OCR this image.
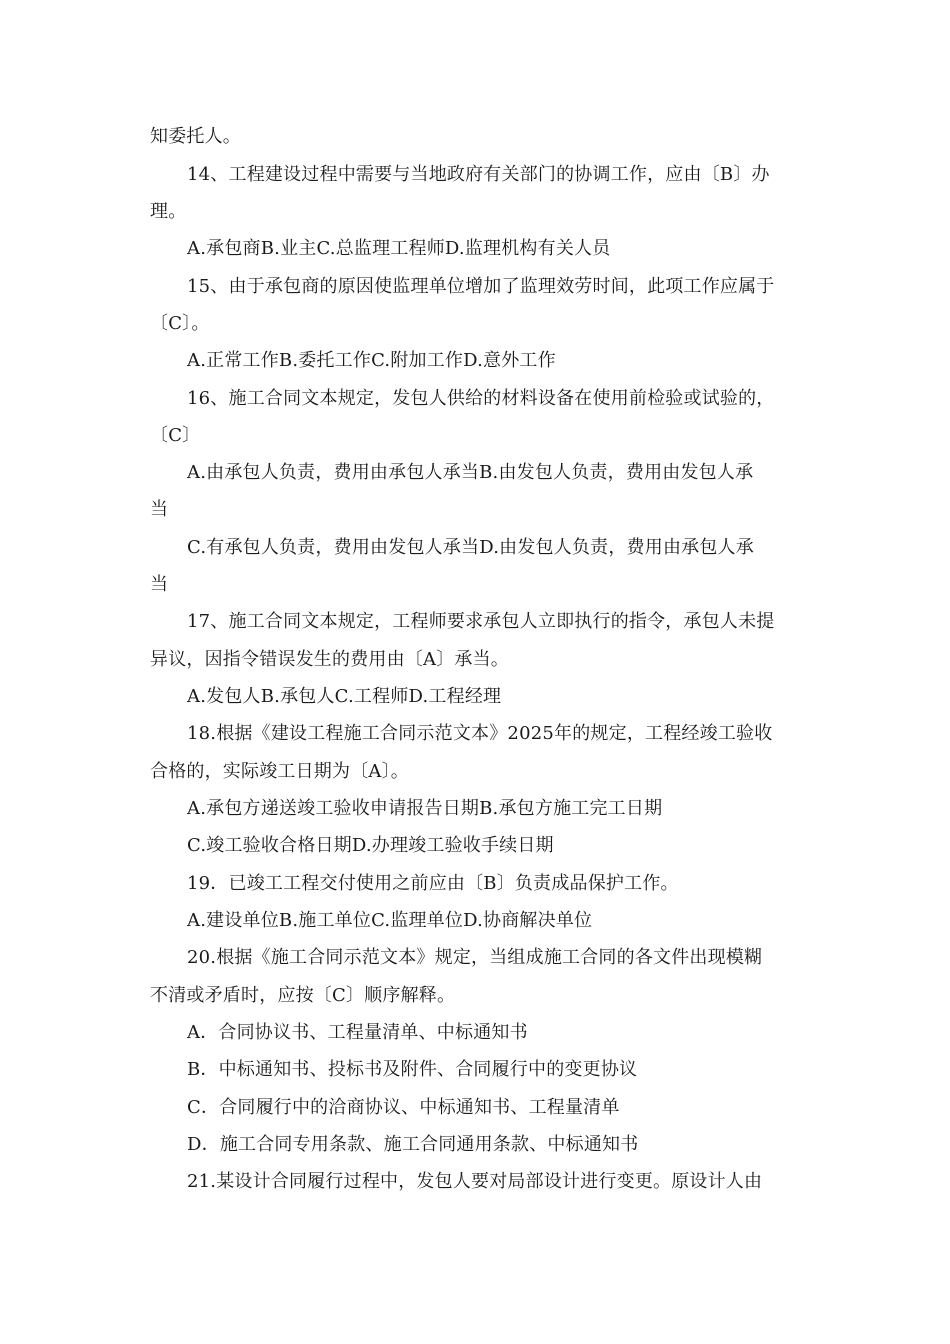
知委托人。
14、工程建设过程中需要与当地政府有关部门的协调工作，应由〔B〕办
理。
A.承包商B.业主C.总监理工程师D.监理机构有关人员
15、由于承包商的原因使监理单位增加了监理效劳时间，此项工作应属于
〔C〕。
A.正常工作B.委托工作C.附加工作D.意外工作
16、施工合同文本规定，发包人供给的材料设备在使用前检验或试验的，
〔C〕
A.由承包人负责，费用由承包人承当B.由发包人负责，费用由发包人承
当
C.有承包人负责，费用由发包人承当D.由发包人负责，费用由承包人承
当
17、施工合同文本规定，工程师要求承包人立即执行的指令，承包人未提
异议，因指令错误发生的费用由〔A〕承当。
A.发包人B.承包人C.工程师D.工程经理
18.根据《建设工程施工合同示范文本》2025年的规定，工程经竣工验收
合格的，实际竣工日期为〔A〕。
A.承包方递送竣工验收申请报告日期B.承包方施工完工日期
C.竣工验收合格日期D.办理竣工验收手续日期
19．已竣工工程交付使用之前应由〔B〕负责成品保护工作。
A.建设单位B.施工单位C.监理单位D.协商解决单位
20.根据《施工合同示范文本》规定，当组成施工合同的各文件出现模糊
不清或矛盾时，应按〔C〕顺序解释。
A．合同协议书、工程量清单、中标通知书
B．中标通知书、投标书及附件、合同履行中的变更协议
C．合同履行中的洽商协议、中标通知书、工程量清单
D．施工合同专用条款、施工合同通用条款、中标通知书
21.某设计合同履行过程中，发包人要对局部设计进行变更。原设计人由
